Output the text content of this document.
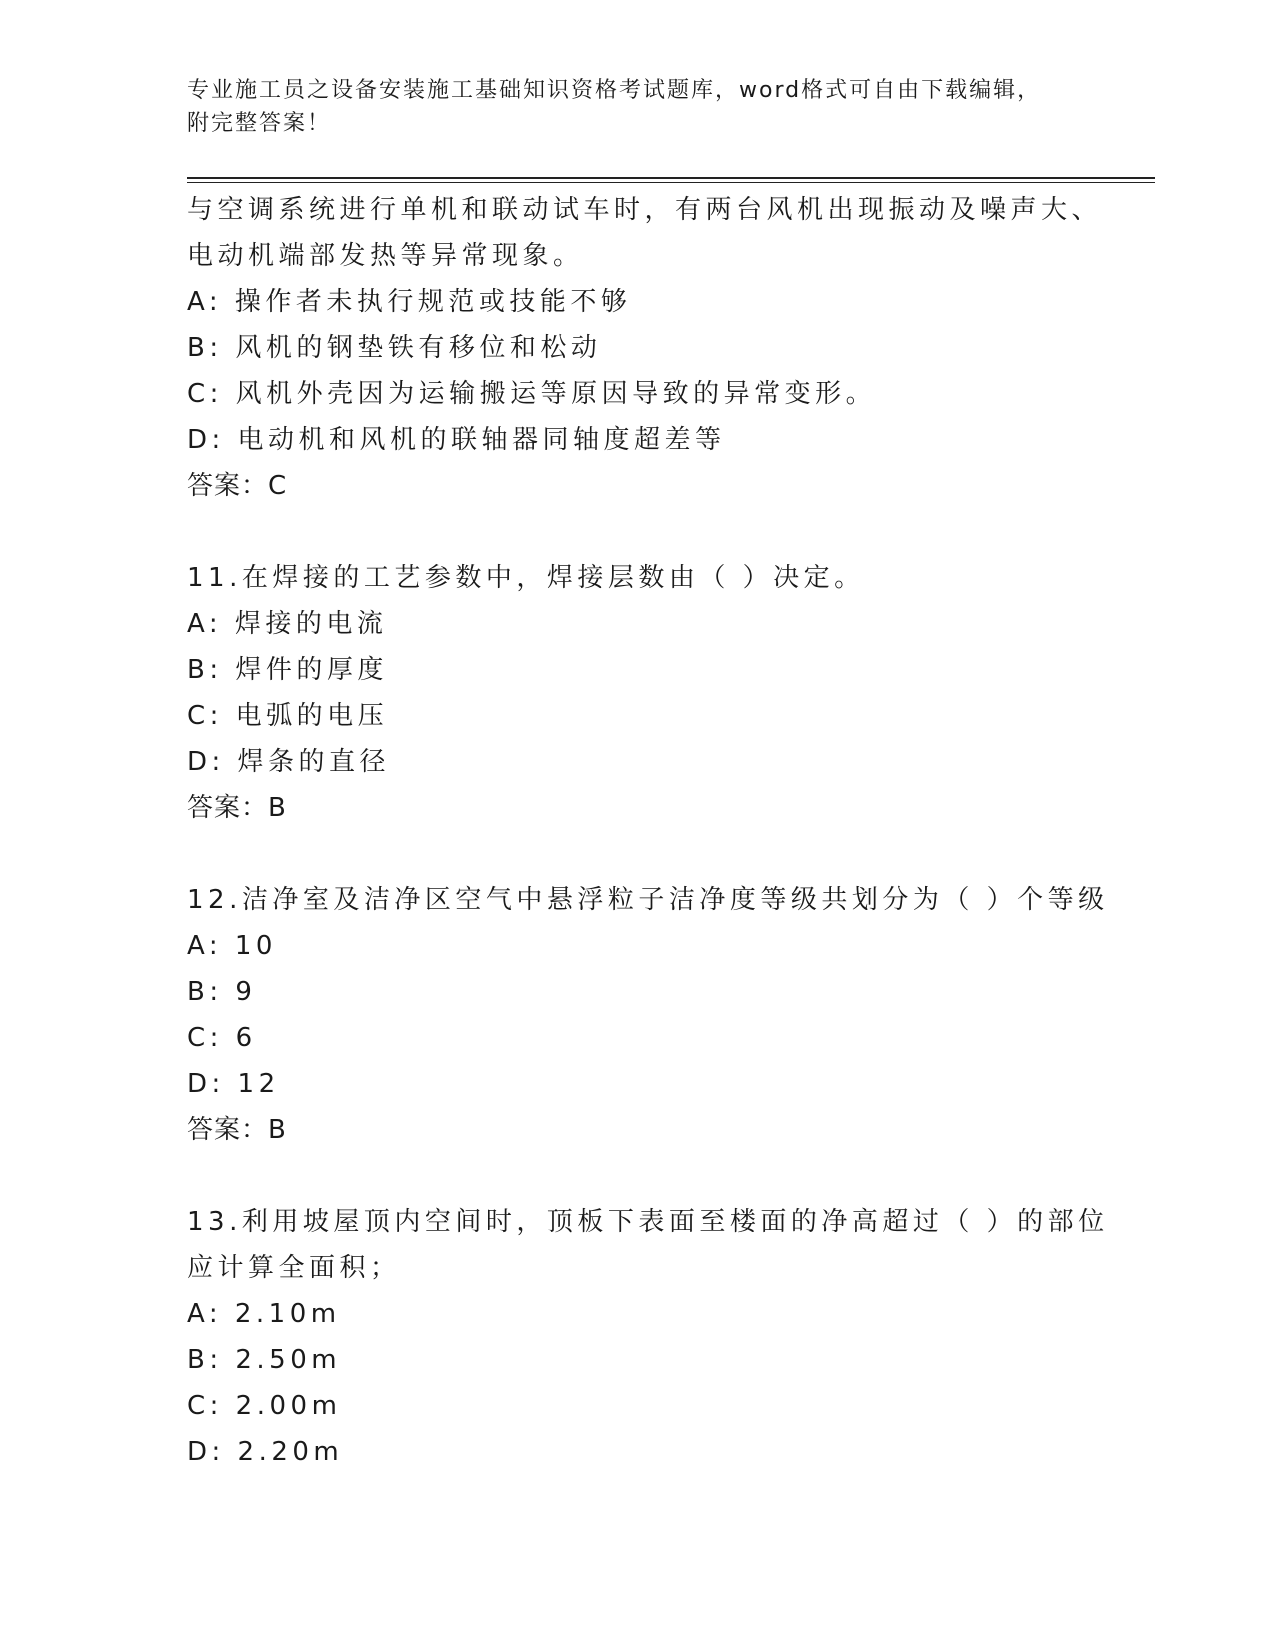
专业施工员之设备安装施工基础知识资格考试题库，word格式可自由下载编辑，
附完整答案！
与空调系统进行单机和联动试车时，有两台风机出现振动及噪声大、
电动机端部发热等异常现象。
A: 操作者未执行规范或技能不够
B: 风机的钢垫铁有移位和松动
C: 风机外壳因为运输搬运等原因导致的异常变形。
D: 电动机和风机的联轴器同轴度超差等
答案：C
11.在焊接的工艺参数中，焊接层数由（ ）决定。
A: 焊接的电流
B: 焊件的厚度
C: 电弧的电压
D: 焊条的直径
答案：B
12.洁净室及洁净区空气中悬浮粒子洁净度等级共划分为（ ）个等级
A: 10
B: 9
C: 6
D: 12
答案：B
13.利用坡屋顶内空间时，顶板下表面至楼面的净高超过（ ）的部位
应计算全面积；
A: 2.10m
B: 2.50m
C: 2.00m
D: 2.20m
